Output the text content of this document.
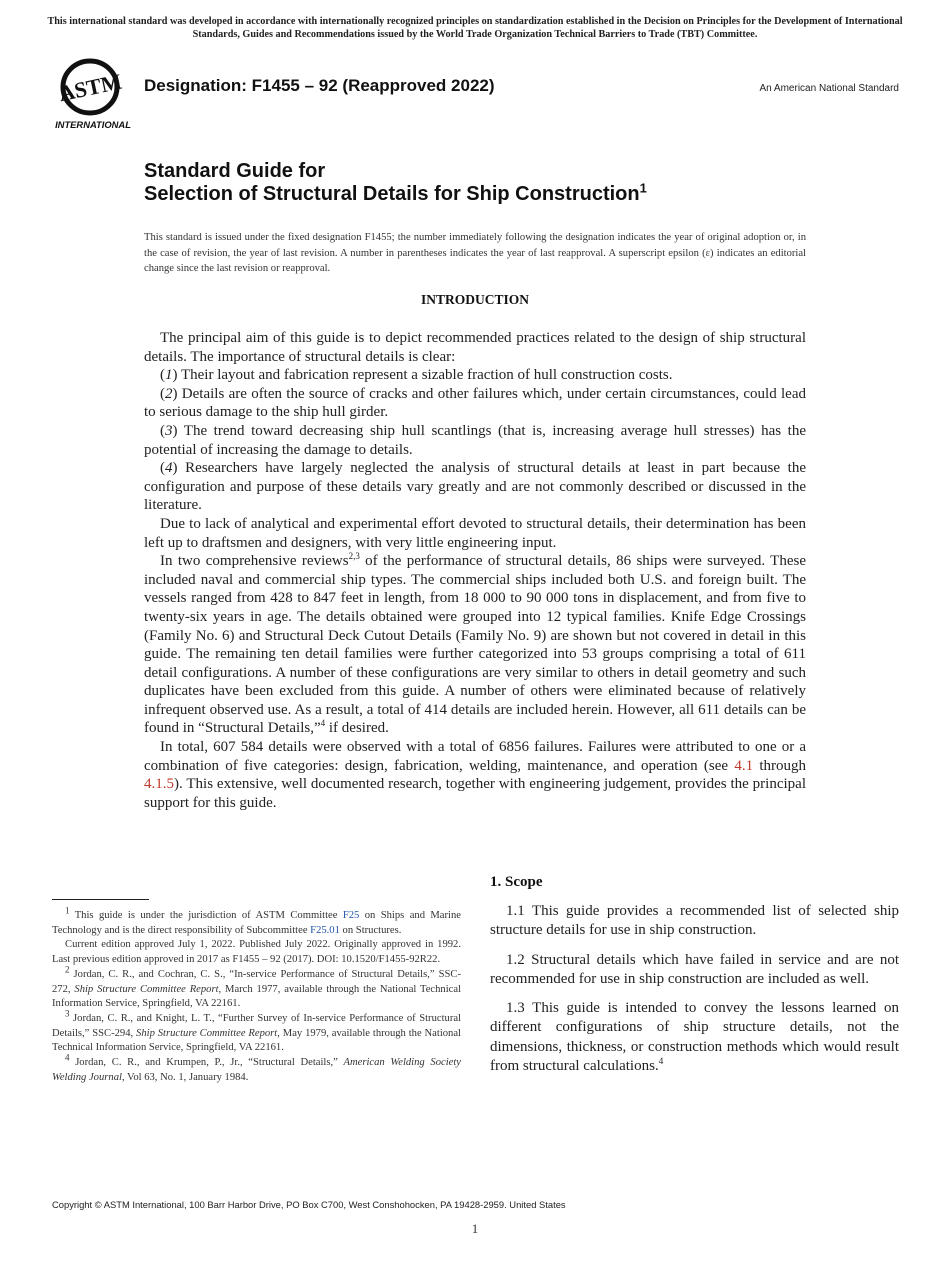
This international standard was developed in accordance with internationally recognized principles on standardization established in the Decision on Principles for the Development of International Standards, Guides and Recommendations issued by the World Trade Organization Technical Barriers to Trade (TBT) Committee.
ASTM
INTERNATIONAL
Designation: F1455 – 92 (Reapproved 2022)	An American National Standard
Standard Guide for
Selection of Structural Details for Ship Construction$^1$
This standard is issued under the fixed designation F1455; the number immediately following the designation indicates the year of original adoption or, in the case of revision, the year of last revision. A number in parentheses indicates the year of last reapproval. A superscript epsilon (ε) indicates an editorial change since the last revision or reapproval.
INTRODUCTION

The principal aim of this guide is to depict recommended practices related to the design of ship structural details. The importance of structural details is clear:

(1) Their layout and fabrication represent a sizable fraction of hull construction costs.

(2) Details are often the source of cracks and other failures which, under certain circumstances, could lead to serious damage to the ship hull girder.

(3) The trend toward decreasing ship hull scantlings (that is, increasing average hull stresses) has the potential of increasing the damage to details.

(4) Researchers have largely neglected the analysis of structural details at least in part because the configuration and purpose of these details vary greatly and are not commonly described or discussed in the literature.

Due to lack of analytical and experimental effort devoted to structural details, their determination has been left up to draftsmen and designers, with very little engineering input.

In two comprehensive reviews$^{2,3}$ of the performance of structural details, 86 ships were surveyed. These included naval and commercial ship types. The commercial ships included both U.S. and foreign built. The vessels ranged from 428 to 847 feet in length, from 18 000 to 90 000 tons in displacement, and from five to twenty-six years in age. The details obtained were grouped into 12 typical families. Knife Edge Crossings (Family No. 6) and Structural Deck Cutout Details (Family No. 9) are shown but not covered in detail in this guide. The remaining ten detail families were further categorized into 53 groups comprising a total of 611 detail configurations. A number of these configurations are very similar to others in detail geometry and such duplicates have been excluded from this guide. A number of others were eliminated because of relatively infrequent observed use. As a result, a total of 414 details are included herein. However, all 611 details can be found in “Structural Details,”$^4$ if desired.

In total, 607 584 details were observed with a total of 6856 failures. Failures were attributed to one or a combination of five categories: design, fabrication, welding, maintenance, and operation (see 4.1 through 4.1.5). This extensive, well documented research, together with engineering judgement, provides the principal support for this guide.

$^1$ This guide is under the jurisdiction of ASTM Committee F25 on Ships and Marine Technology and is the direct responsibility of Subcommittee F25.01 on Structures.

Current edition approved July 1, 2022. Published July 2022. Originally approved in 1992. Last previous edition approved in 2017 as F1455 – 92 (2017). DOI: 10.1520/F1455-92R22.

$^2$ Jordan, C. R., and Cochran, C. S., “In-service Performance of Structural Details,” SSC-272, Ship Structure Committee Report, March 1977, available through the National Technical Information Service, Springfield, VA 22161.

$^3$ Jordan, C. R., and Knight, L. T., “Further Survey of In-service Performance of Structural Details,” SSC-294, Ship Structure Committee Report, May 1979, available through the National Technical Information Service, Springfield, VA 22161.

$^4$ Jordan, C. R., and Krumpen, P., Jr., “Structural Details,” American Welding Society Welding Journal, Vol 63, No. 1, January 1984.

1. Scope

1.1 This guide provides a recommended list of selected ship structure details for use in ship construction.

1.2 Structural details which have failed in service and are not recommended for use in ship construction are included as well.

1.3 This guide is intended to convey the lessons learned on different configurations of ship structure details, not the dimensions, thickness, or construction methods which would result from structural calculations.$^4$

Copyright © ASTM International, 100 Barr Harbor Drive, PO Box C700, West Conshohocken, PA 19428-2959. United States
1
